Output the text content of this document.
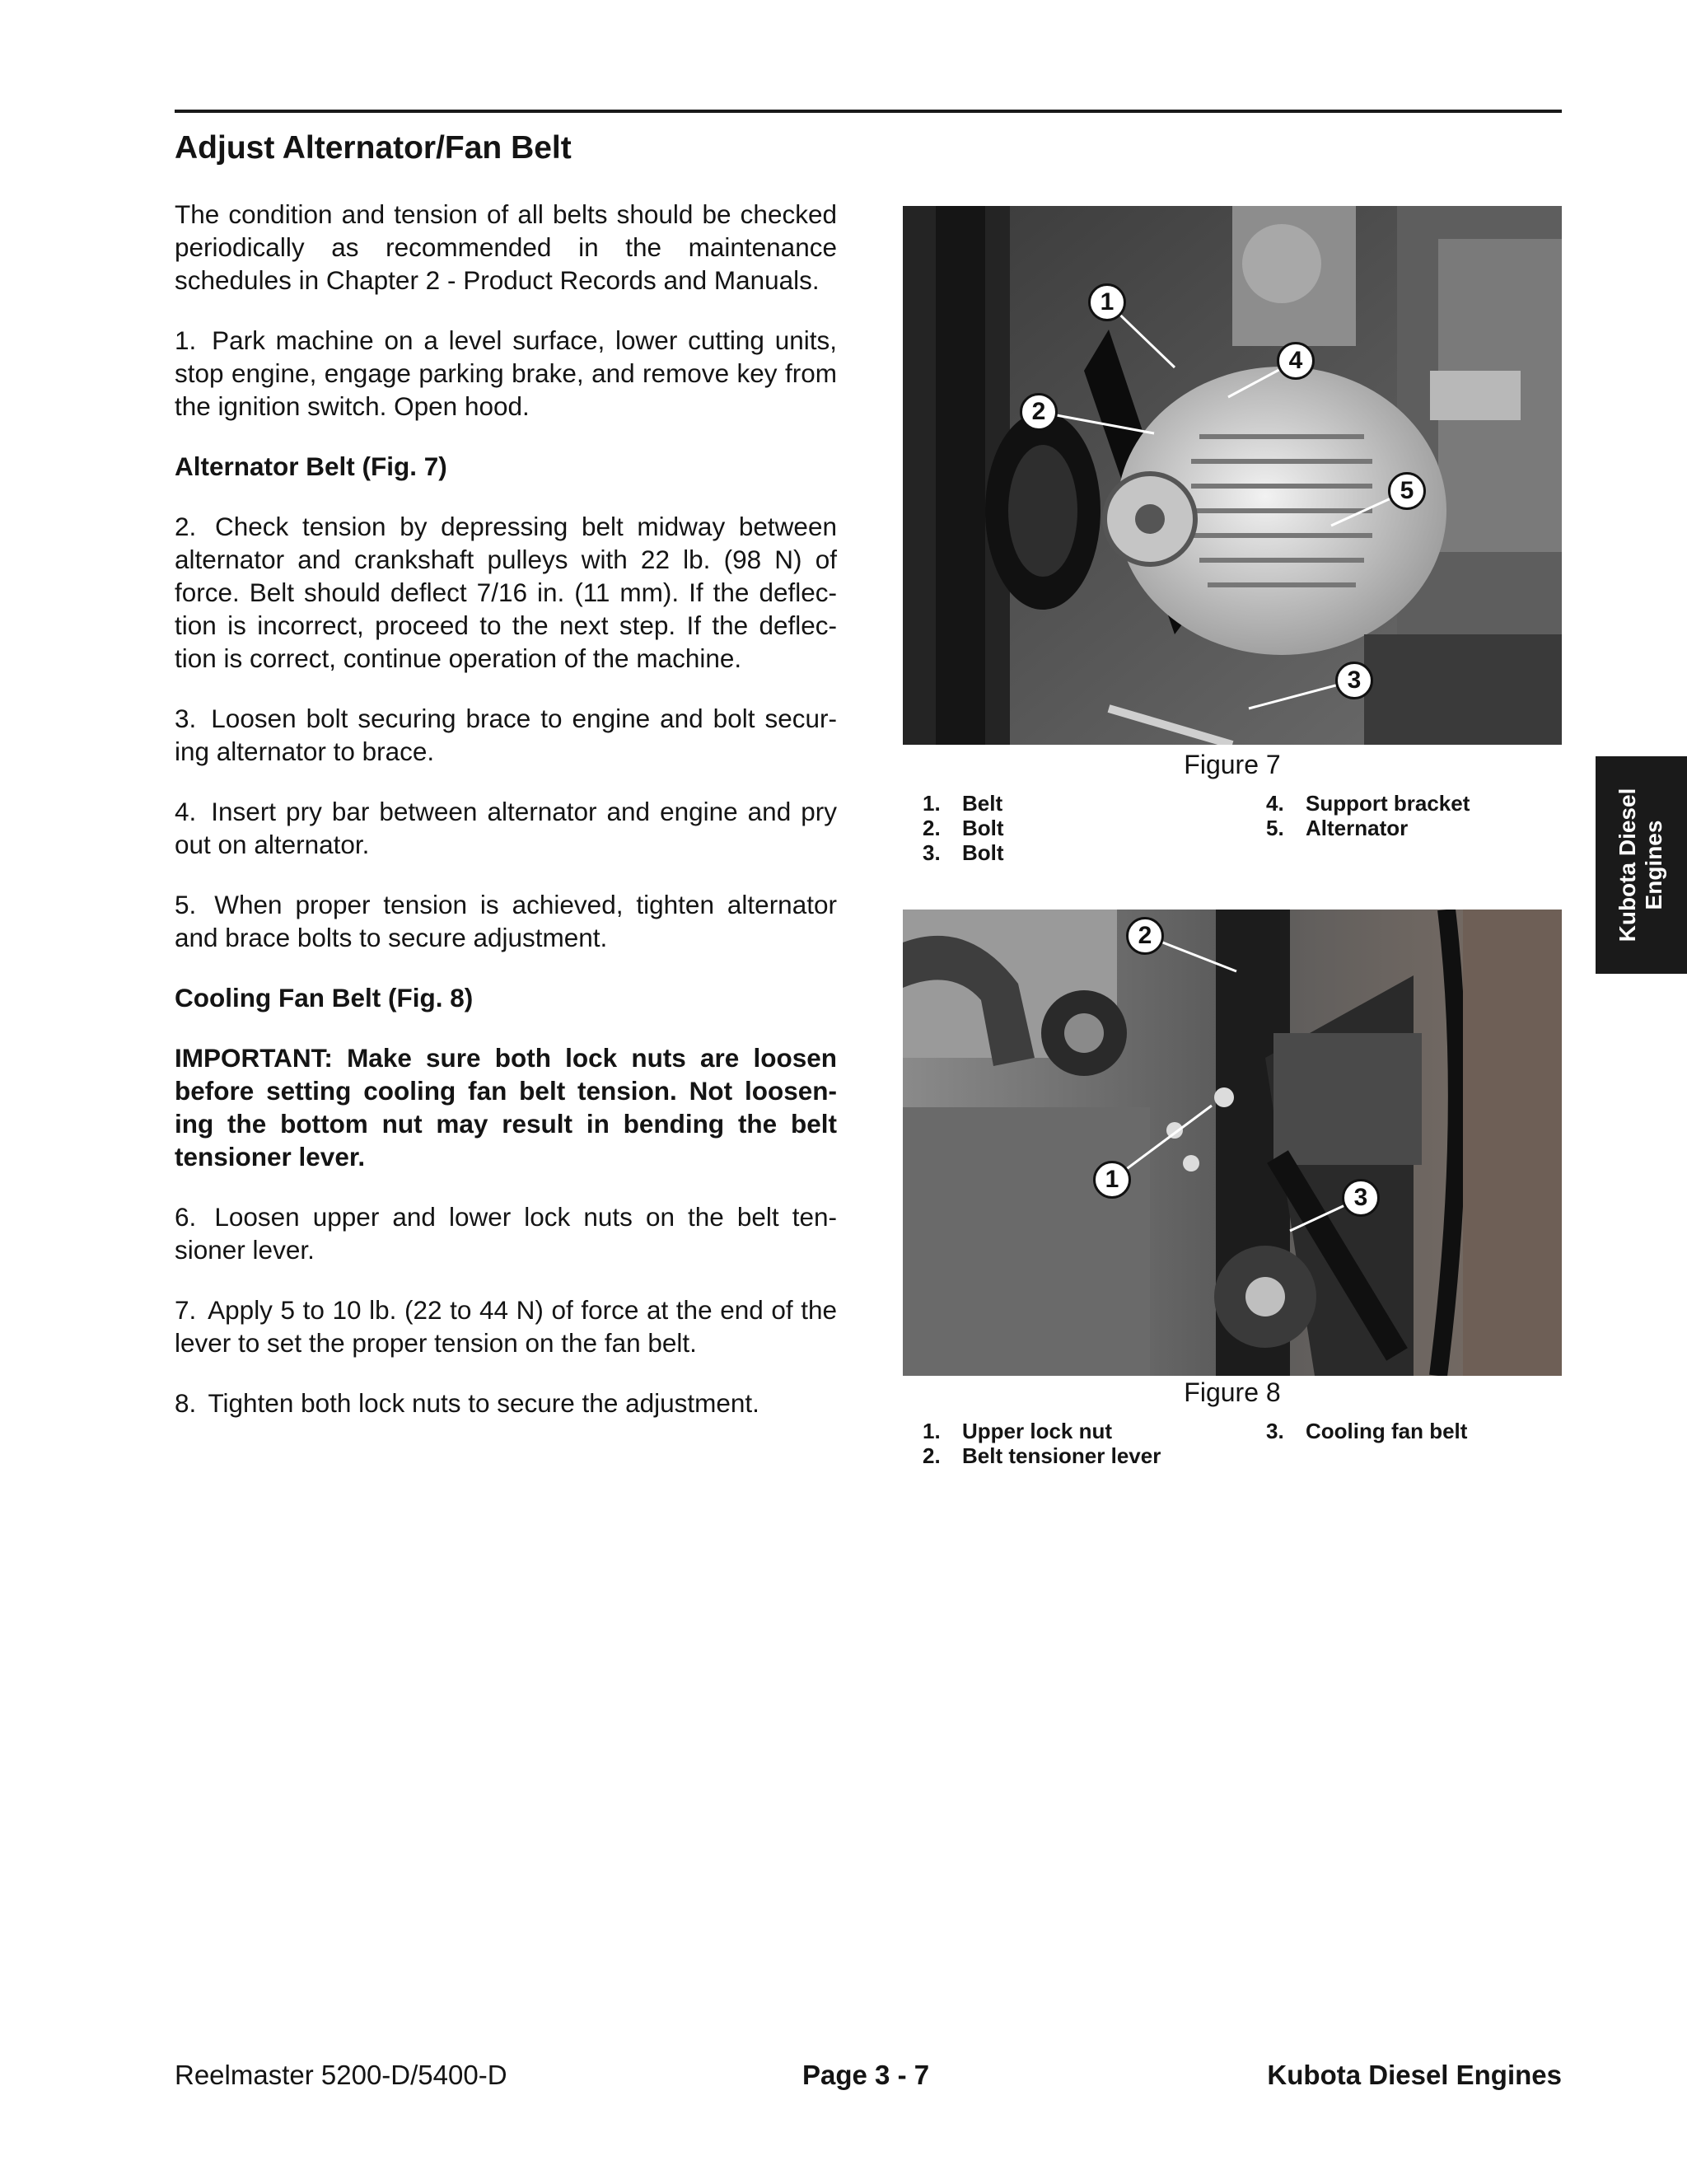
Adjust Alternator/Fan Belt

The condition and tension of all belts should be checked periodically as recommended in the maintenance schedules in Chapter 2 - Product Records and Manuals.

1. Park machine on a level surface, lower cutting units, stop engine, engage parking brake, and remove key from the ignition switch. Open hood.

Alternator Belt (Fig. 7)

2. Check tension by depressing belt midway between alternator and crankshaft pulleys with 22 lb. (98 N) of force. Belt should deflect 7/16 in. (11 mm). If the deflec- tion is incorrect, proceed to the next step. If the deflec- tion is correct, continue operation of the machine.

3. Loosen bolt securing brace to engine and bolt secur- ing alternator to brace.

4. Insert pry bar between alternator and engine and pry out on alternator.

5. When proper tension is achieved, tighten alternator and brace bolts to secure adjustment.

Cooling Fan Belt (Fig. 8)

IMPORTANT: Make sure both lock nuts are loosen before setting cooling fan belt tension. Not loosen- ing the bottom nut may result in bending the belt tensioner lever.

6. Loosen upper and lower lock nuts on the belt ten- sioner lever.

7. Apply 5 to 10 lb. (22 to 44 N) of force at the end of the lever to set the proper tension on the fan belt.

8. Tighten both lock nuts to secure the adjustment.

1
2
3
4
5
Figure 7
1. Belt
2. Bolt
3. Bolt
4. Support bracket
5. Alternator
2
1
3
Figure 8
1. Upper lock nut
2. Belt tensioner lever
3. Cooling fan belt
Kubota Diesel Engines
Reelmaster 5200-D/5400-D	Page 3 - 7	Kubota Diesel Engines
